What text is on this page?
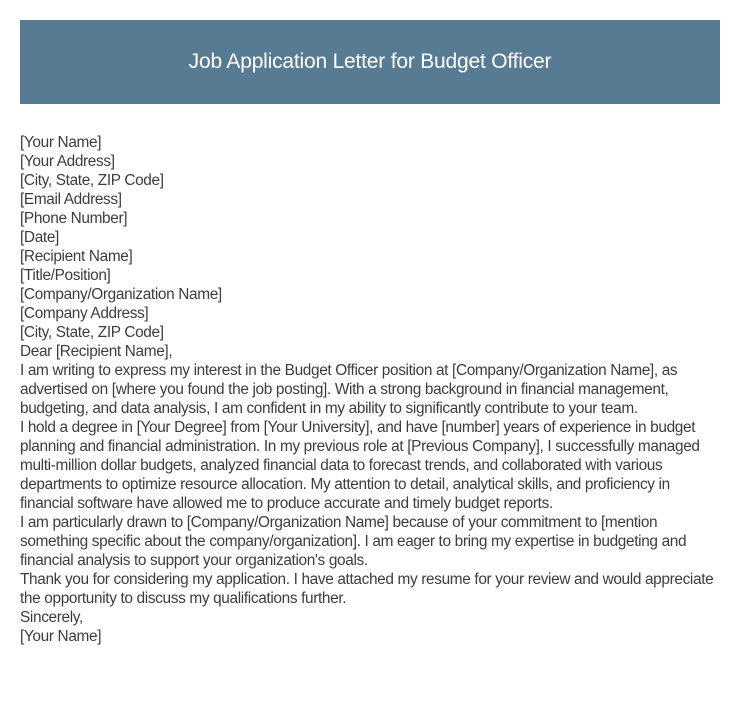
Job Application Letter for Budget Officer

[Your Name]

[Your Address]

[City, State, ZIP Code]

[Email Address]

[Phone Number]

[Date]

[Recipient Name]

[Title/Position]

[Company/Organization Name]

[Company Address]

[City, State, ZIP Code]

Dear [Recipient Name],

I am writing to express my interest in the Budget Officer position at [Company/Organization Name], as advertised on [where you found the job posting]. With a strong background in financial management, budgeting, and data analysis, I am confident in my ability to significantly contribute to your team.

I hold a degree in [Your Degree] from [Your University], and have [number] years of experience in budget planning and financial administration. In my previous role at [Previous Company], I successfully managed multi-million dollar budgets, analyzed financial data to forecast trends, and collaborated with various departments to optimize resource allocation. My attention to detail, analytical skills, and proficiency in financial software have allowed me to produce accurate and timely budget reports.

I am particularly drawn to [Company/Organization Name] because of your commitment to [mention something specific about the company/organization]. I am eager to bring my expertise in budgeting and financial analysis to support your organization's goals.

Thank you for considering my application. I have attached my resume for your review and would appreciate the opportunity to discuss my qualifications further.

Sincerely,

[Your Name]
